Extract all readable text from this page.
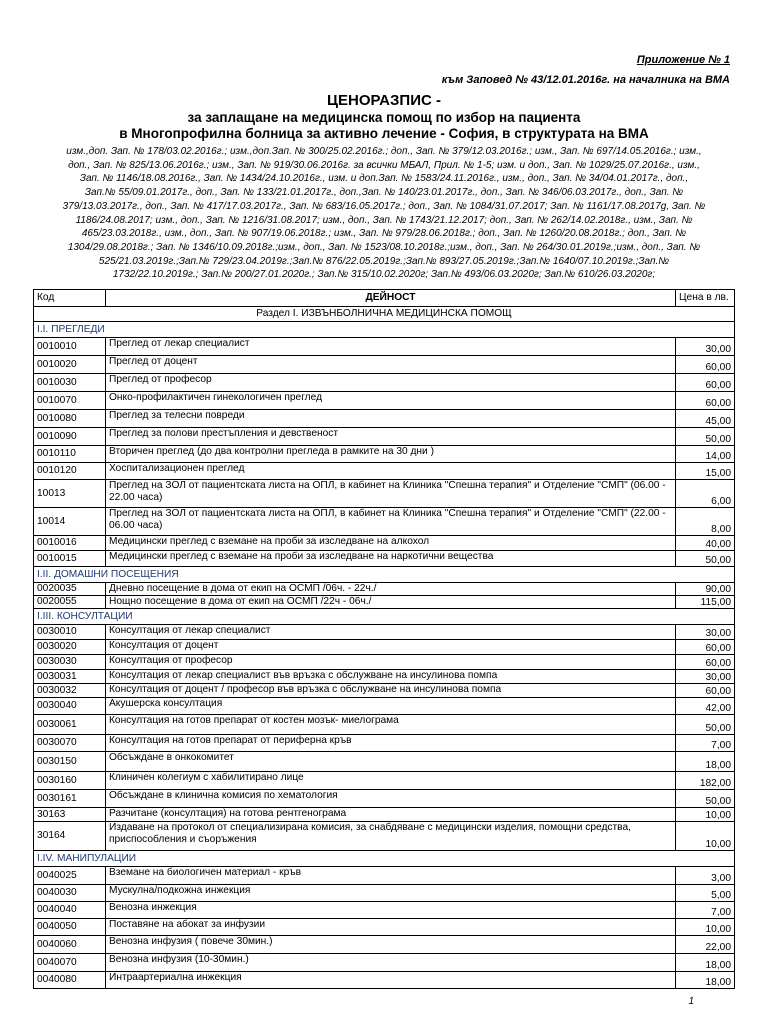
Приложение № 1
към Заповед № 43/12.01.2016г. на началника на ВМА
ЦЕНОРАЗПИС -
за заплащане на медицинска помощ по избор на пациента
в Многопрофилна болница за активно лечение - София, в структурата на ВМА
изм.,доп. Зап. № 178/03.02.2016г.; изм.,доп.Зап. № 300/25.02.2016г.; доп., Зап. № 379/12.03.2016г.; изм., Зап. № 697/14.05.2016г.; изм.,
доп., Зап. № 825/13.06.2016г.; изм., Зап. № 919/30.06.2016г. за всички МБАЛ, Прил. № 1-5; изм. и доп., Зап. № 1029/25.07.2016г., изм.,
Зап. № 1146/18.08.2016г., Зап. № 1434/24.10.2016г., изм. и доп.Зап. № 1583/24.11.2016г., изм., доп., Зап. № 34/04.01.2017г., доп.,
Зап.№ 55/09.01.2017г., доп., Зап. № 133/21.01.2017г., доп.,Зап. № 140/23.01.2017г., доп., Зап. № 346/06.03.2017г., доп., Зап. №
379/13.03.2017г., доп., Зап. № 417/17.03.2017г., Зап. № 683/16.05.2017г.; доп., Зап. № 1084/31.07.2017; Зап. № 1161/17.08.2017g, Зап. №
1186/24.08.2017; изм., доп., Зап. № 1216/31.08.2017; изм., доп., Зап. № 1743/21.12.2017; доп., Зап. № 262/14.02.2018г., изм., Зап. №
465/23.03.2018г., изм., доп., Зап. № 907/19.06.2018г.; изм., Зап. № 979/28.06.2018г.; доп., Зап. № 1260/20.08.2018г.; доп., Зап. №
1304/29.08.2018г.; Зап. № 1346/10.09.2018г.;изм., доп., Зап. № 1523/08.10.2018г.;изм., доп., Зап. № 264/30.01.2019г.;изм., доп., Зап. №
525/21.03.2019г.;Зап.№ 729/23.04.2019г.;Зап.№ 876/22.05.2019г.;Зап.№ 893/27.05.2019г.;Зап.№ 1640/07.10.2019г.;Зап.№
1732/22.10.2019г.; Зап.№ 200/27.01.2020г.; Зап.№ 315/10.02.2020г; Зап.№ 493/06.03.2020г; Зап.№ 610/26.03.2020г;
Код	ДЕЙНОСТ	Цена в лв.
Раздел I. ИЗВЪНБОЛНИЧНА МЕДИЦИНСКА ПОМОЩ		
I.I. ПРЕГЛЕДИ		
0010010	Преглед от лекар специалист	30,00
0010020	Преглед от доцент	60,00
0010030	Преглед от професор	60,00
0010070	Онко-профилактичен гинекологичен преглед	60,00
0010080	Преглед за телесни повреди	45,00
0010090	Преглед за полови престъпления и девственост	50,00
0010110	Вторичен преглед (до два контролни прегледа в рамките на 30 дни )	14,00
0010120	Хоспитализационен преглед	15,00
10013	Преглед на ЗОЛ от пациентската листа на ОПЛ, в кабинет на Клиника "Спешна терапия" и Отделение "СМП" (06.00 - 22.00 часа)	6,00
10014	Преглед на ЗОЛ от пациентската листа на ОПЛ, в кабинет на Клиника "Спешна терапия" и Отделение "СМП" (22.00 - 06.00 часа)	8,00
0010016	Медицински преглед с вземане на проби за изследване на алкохол	40,00
0010015	Медицински преглед с вземане на проби за изследване на наркотични вещества	50,00
I.II. ДОМАШНИ ПОСЕЩЕНИЯ		
0020035	Дневно посещение в дома от екип на ОСМП /06ч. - 22ч./	90,00
0020055	Нощно посещение в дома от екип на ОСМП /22ч - 06ч./	115,00
I.III. КОНСУЛТАЦИИ		
0030010	Консултация от лекар специалист	30,00
0030020	Консултация от доцент	60,00
0030030	Консултация от професор	60,00
0030031	Консултация от лекар специалист във връзка с обслужване на инсулинова помпа	30,00
0030032	Консултация от доцент / професор във връзка с обслужване на инсулинова помпа	60,00
0030040	Акушерска консултация	42,00
0030061	Консултация на готов препарат от костен мозък- миелограма	50,00
0030070	Консултация на готов препарат от периферна кръв	7,00
0030150	Обсъждане в онкокомитет	18,00
0030160	Клиничен колегиум с хабилитирано лице	182,00
0030161	Обсъждане в клинична комисия по хематология	50,00
30163	Разчитане (консултация) на готова рентгенограма	10,00
30164	Издаване на протокол от специализирана комисия, за снабдяване с медицински изделия, помощни средства, приспособления и съоръжения	10,00
I.IV. МАНИПУЛАЦИИ		
0040025	Вземане на биологичен материал - кръв	3,00
0040030	Мускулна/подкожна инжекция	5,00
0040040	Венозна инжекция	7,00
0040050	Поставяне на абокат за инфузии	10,00
0040060	Венозна инфузия ( повече 30мин.)	22,00
0040070	Венозна инфузия (10-30мин.)	18,00
0040080	Интраартериална инжекция	18,00
1
